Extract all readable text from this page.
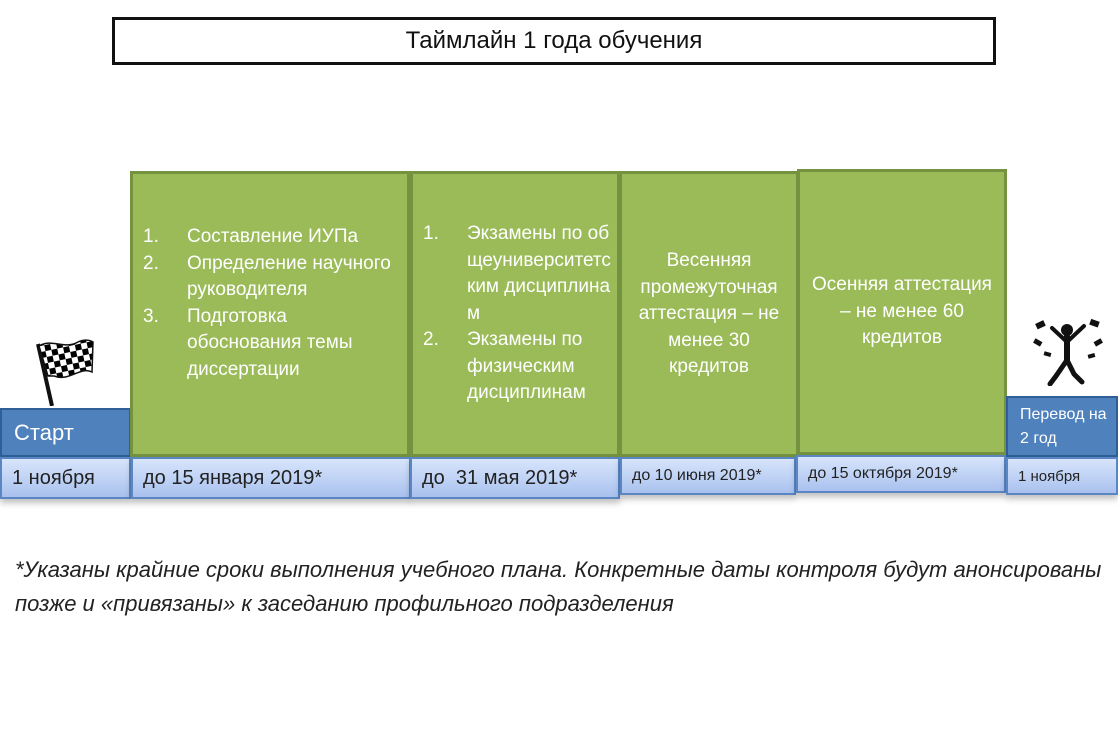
Таймлайн 1 года обучения
Старт
1. Составление ИУПа
2. Определение научного руководителя
3. Подготовка обоснования темы диссертации
1. Экзамены по общеуниверситетским дисциплинам
2. Экзамены по физическим дисциплинам
Весенняя промежуточная аттестация – не менее 30 кредитов
Осенняя аттестация – не менее 60 кредитов
Перевод на 2 год
1 ноября	до 15 января 2019*	до  31 мая 2019*	до 10 июня 2019*	до 15 октября 2019*	1 ноября
*Указаны крайние сроки выполнения учебного плана. Конкретные даты контроля будут анонсированы позже и «привязаны» к заседанию профильного подразделения
